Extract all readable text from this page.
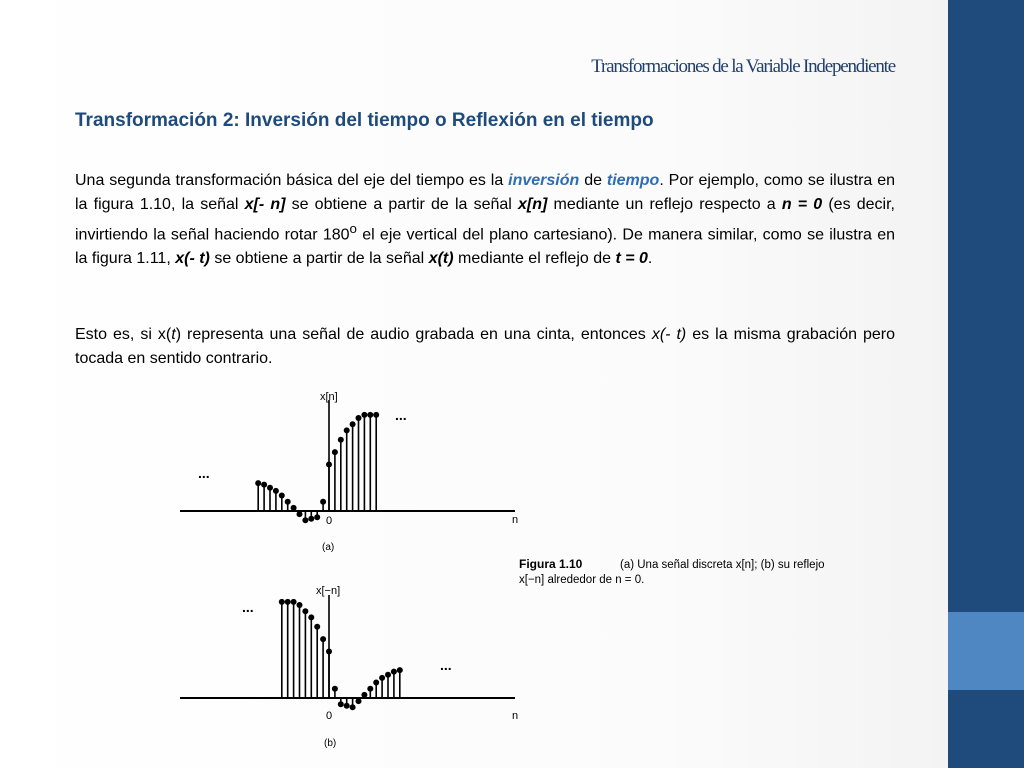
Transformaciones de la Variable Independiente
Transformación 2: Inversión del tiempo o Reflexión en el tiempo
Una segunda transformación básica del eje del tiempo es la inversión de tiempo. Por ejemplo, como se ilustra en la figura 1.10, la señal x[- n] se obtiene a partir de la señal x[n] mediante un reflejo respecto a n = 0 (es decir, invirtiendo la señal haciendo rotar 180$^o$ el eje vertical del plano cartesiano). De manera similar, como se ilustra en la figura 1.11, x(- t) se obtiene a partir de la señal x(t) mediante el reflejo de t = 0.
Esto es, si x(t) representa una señal de audio grabada en una cinta, entonces x(- t) es la misma grabación pero tocada en sentido contrario.
x[n]
n
0
(a)
...
...
x[−n]
n
0
(b)
...
...
Figura 1.10	(a) Una señal discreta x[n]; (b) su reflejo
x[−n] alrededor de n = 0.
